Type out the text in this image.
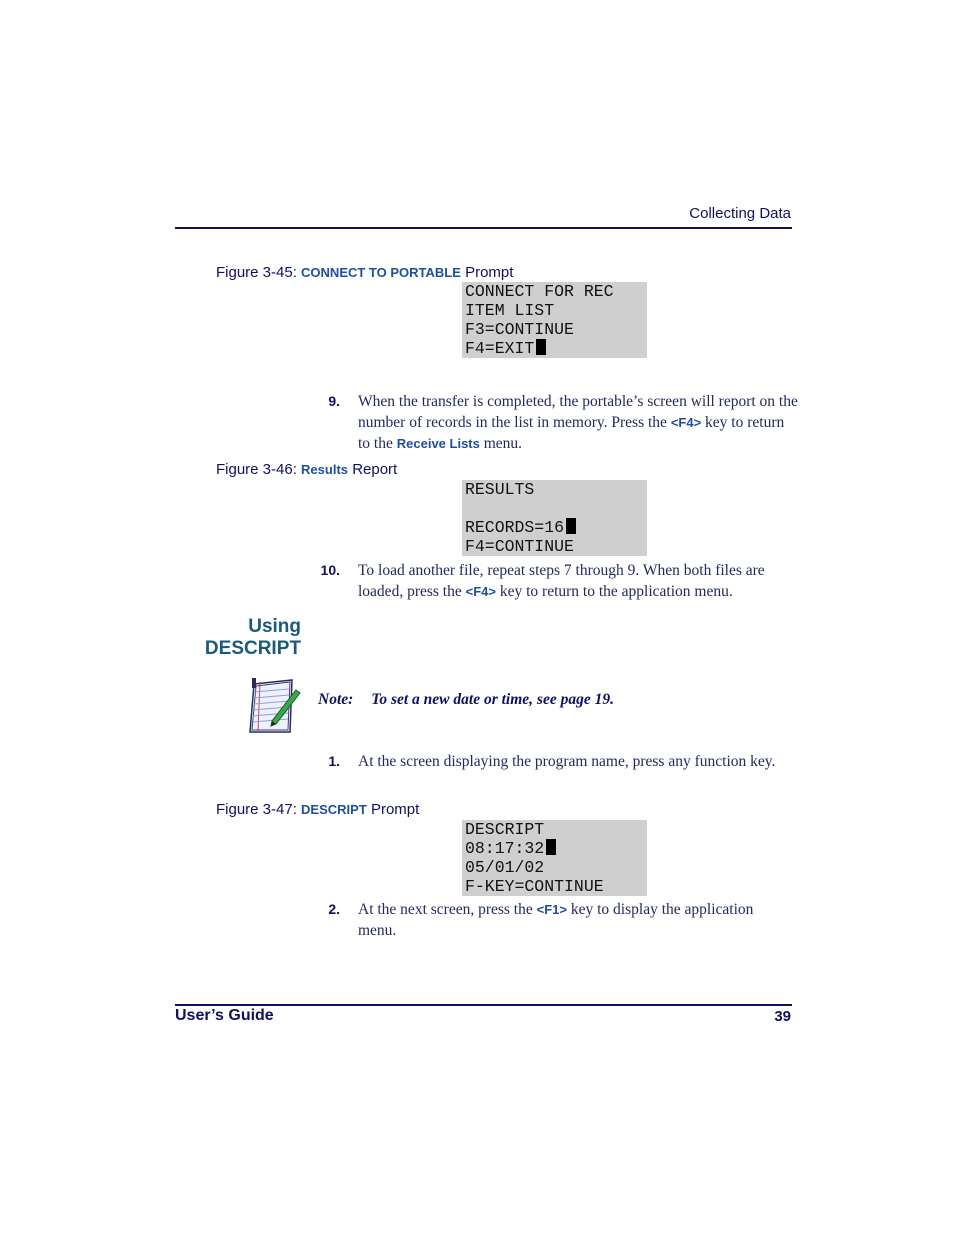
Collecting Data
Figure 3-45: CONNECT TO PORTABLE Prompt
CONNECT FOR REC
ITEM LIST
F3=CONTINUE
F4=EXIT
9. When the transfer is completed, the portable’s screen will report on the number of records in the list in memory. Press the <F4> key to return to the Receive Lists menu.
Figure 3-46: Results Report
RESULTS
RECORDS=16
F4=CONTINUE
10. To load another file, repeat steps 7 through 9. When both files are loaded, press the <F4> key to return to the application menu.
Using
DESCRIPT
Note: To set a new date or time, see page 19.
1. At the screen displaying the program name, press any function key.
Figure 3-47: DESCRIPT Prompt
DESCRIPT
08:17:32
05/01/02
F-KEY=CONTINUE
2. At the next screen, press the <F1> key to display the application menu.
User’s Guide	39
